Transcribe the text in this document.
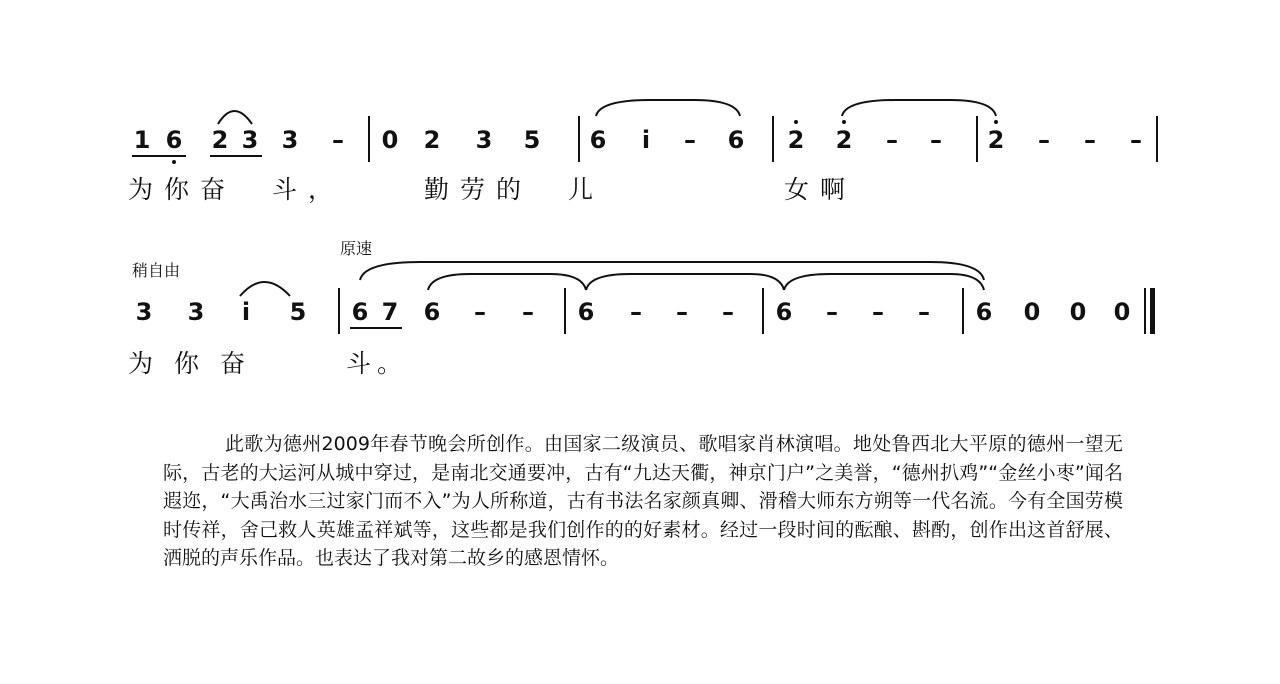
1 6 2 3 3 – 0 2 3 5 6	i	– 6 2 2 – – 2 – – –
为你奋　斗，	勤劳的　儿	女啊
稍自由
原速
3 3	i	5 6 7 6 – – 6 – – – 6 – – – 6 0 0 0
为你奋	斗。
此歌为德州2009年春节晚会所创作。由国家二级演员、歌唱家肖林演唱。地处鲁西北大平原的德州一望无际，古老的大运河从城中穿过，是南北交通要冲，古有“九达天衢，神京门户”之美誉，“德州扒鸡”“金丝小枣”闻名遐迩，“大禹治水三过家门而不入”为人所称道，古有书法名家颜真卿、滑稽大师东方朔等一代名流。今有全国劳模时传祥，舍己救人英雄孟祥斌等，这些都是我们创作的的好素材。经过一段时间的酝酿、斟酌，创作出这首舒展、洒脱的声乐作品。也表达了我对第二故乡的感恩情怀。
